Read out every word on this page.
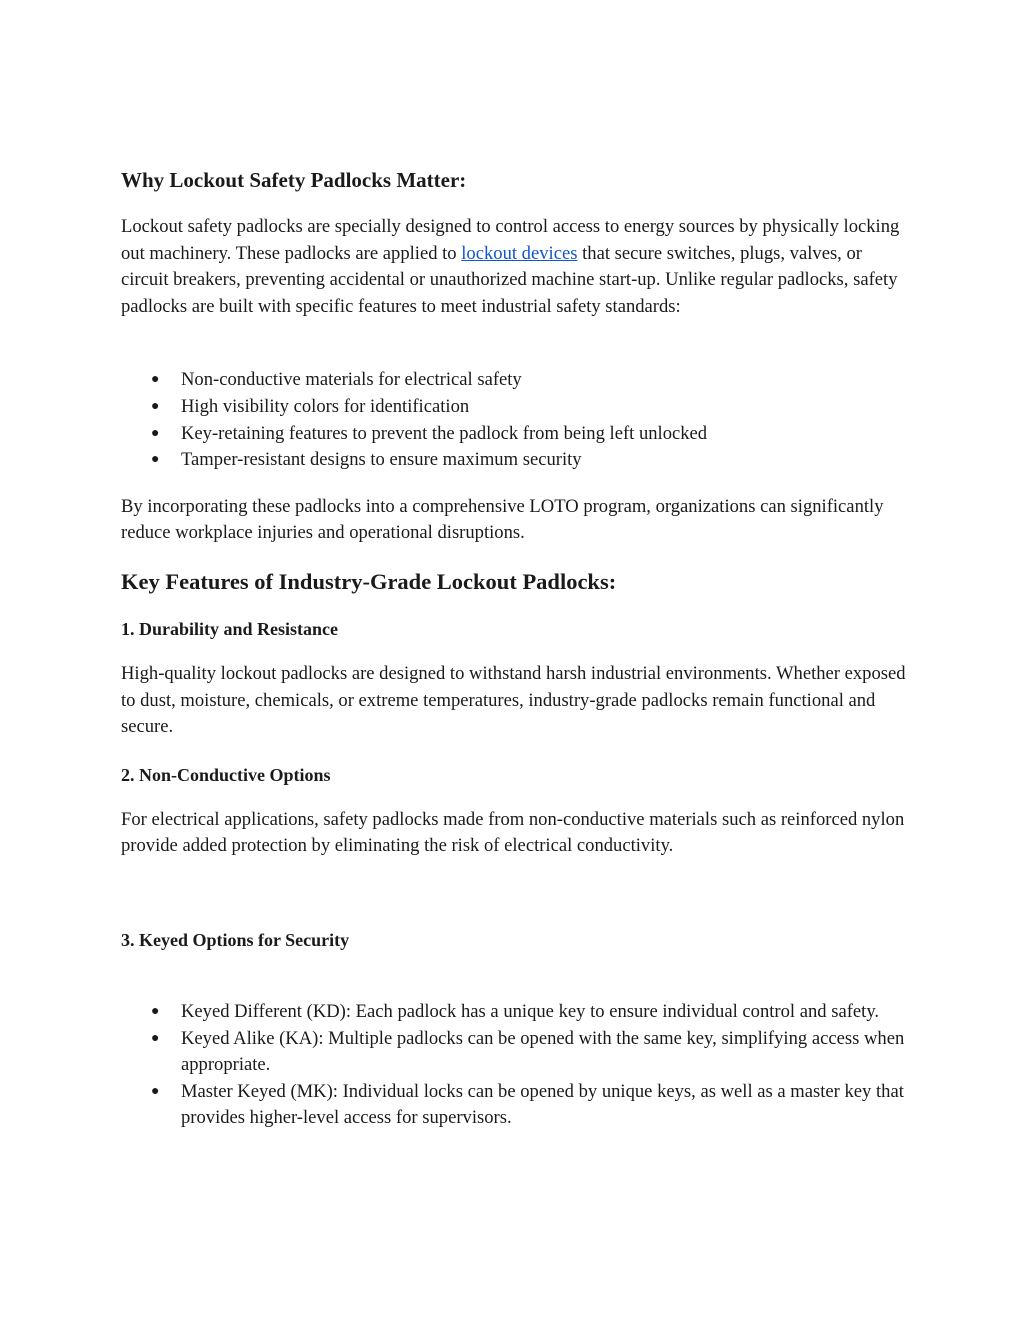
Why Lockout Safety Padlocks Matter:

Lockout safety padlocks are specially designed to control access to energy sources by physically locking out machinery. These padlocks are applied to lockout devices that secure switches, plugs, valves, or circuit breakers, preventing accidental or unauthorized machine start-up. Unlike regular padlocks, safety padlocks are built with specific features to meet industrial safety standards:

● Non-conductive materials for electrical safety
● High visibility colors for identification
● Key-retaining features to prevent the padlock from being left unlocked
● Tamper-resistant designs to ensure maximum security

By incorporating these padlocks into a comprehensive LOTO program, organizations can significantly reduce workplace injuries and operational disruptions.

Key Features of Industry-Grade Lockout Padlocks:
1. Durability and Resistance

High-quality lockout padlocks are designed to withstand harsh industrial environments. Whether exposed to dust, moisture, chemicals, or extreme temperatures, industry-grade padlocks remain functional and secure.

2. Non-Conductive Options

For electrical applications, safety padlocks made from non-conductive materials such as reinforced nylon provide added protection by eliminating the risk of electrical conductivity.

3. Keyed Options for Security
● Keyed Different (KD): Each padlock has a unique key to ensure individual control and safety.
● Keyed Alike (KA): Multiple padlocks can be opened with the same key, simplifying access when appropriate.
● Master Keyed (MK): Individual locks can be opened by unique keys, as well as a master key that provides higher-level access for supervisors.
